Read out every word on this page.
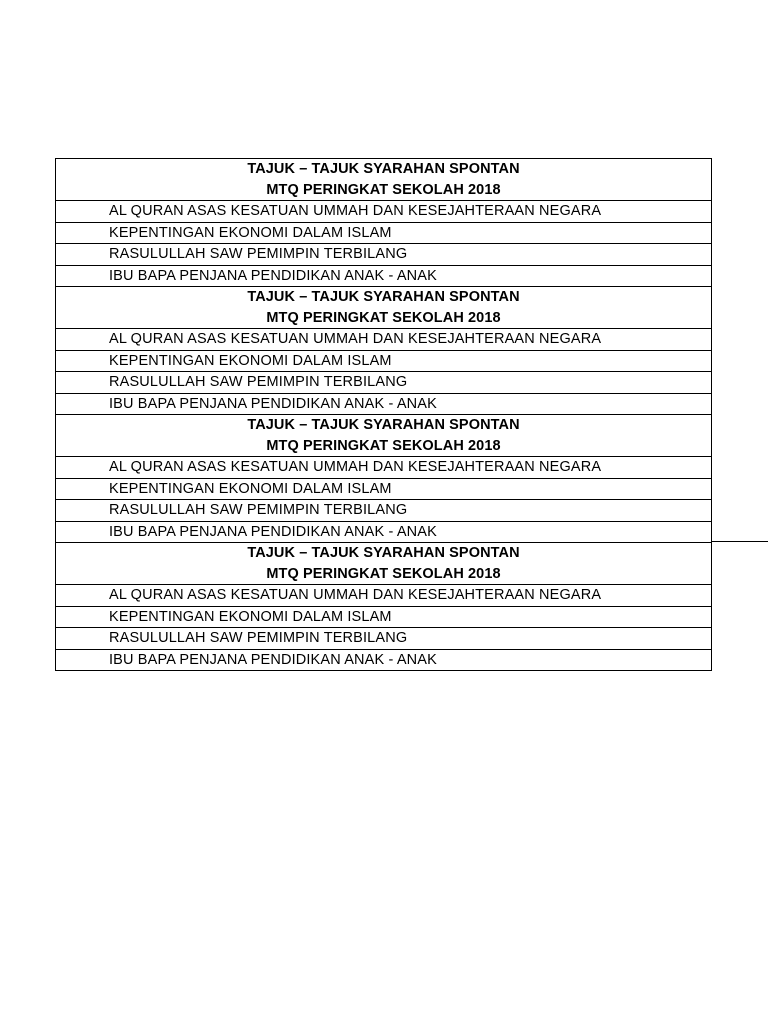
TAJUK – TAJUK SYARAHAN SPONTAN
MTQ PERINGKAT SEKOLAH 2018

AL QURAN ASAS KESATUAN UMMAH DAN KESEJAHTERAAN NEGARA
KEPENTINGAN EKONOMI DALAM ISLAM
RASULULLAH SAW PEMIMPIN TERBILANG
IBU BAPA PENJANA PENDIDIKAN ANAK - ANAK

TAJUK – TAJUK SYARAHAN SPONTAN
MTQ PERINGKAT SEKOLAH 2018

AL QURAN ASAS KESATUAN UMMAH DAN KESEJAHTERAAN NEGARA
KEPENTINGAN EKONOMI DALAM ISLAM
RASULULLAH SAW PEMIMPIN TERBILANG
IBU BAPA PENJANA PENDIDIKAN ANAK - ANAK

TAJUK – TAJUK SYARAHAN SPONTAN
MTQ PERINGKAT SEKOLAH 2018

AL QURAN ASAS KESATUAN UMMAH DAN KESEJAHTERAAN NEGARA
KEPENTINGAN EKONOMI DALAM ISLAM
RASULULLAH SAW PEMIMPIN TERBILANG
IBU BAPA PENJANA PENDIDIKAN ANAK - ANAK

TAJUK – TAJUK SYARAHAN SPONTAN
MTQ PERINGKAT SEKOLAH 2018

AL QURAN ASAS KESATUAN UMMAH DAN KESEJAHTERAAN NEGARA
KEPENTINGAN EKONOMI DALAM ISLAM
RASULULLAH SAW PEMIMPIN TERBILANG
IBU BAPA PENJANA PENDIDIKAN ANAK - ANAK
